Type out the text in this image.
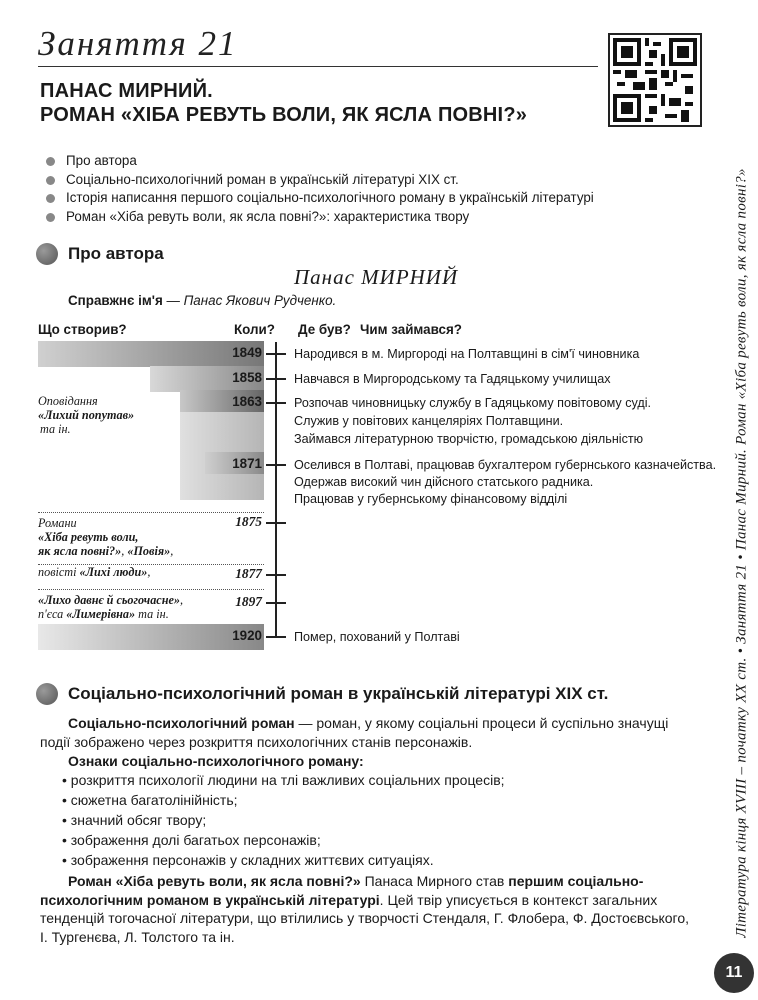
Заняття 21
ПАНАС МИРНИЙ.
РОМАН «ХІБА РЕВУТЬ ВОЛИ, ЯК ЯСЛА ПОВНІ?»
Про автора
Соціально-психологічний роман в українській літературі XIX ст.
Історія написання першого соціально-психологічного роману в українській літературі
Роман «Хіба ревуть воли, як ясла повні?»: характеристика твору
Про автора
Панас МИРНИЙ
Справжнє ім'я — Панас Якович Рудченко.
Що створив?	Коли? Де був? Чим займався?
1849
1858
1863
1871
1875
1877
1897
1920
Народився в м. Миргороді на Полтавщині в сім'ї чиновника
Навчався в Миргородському та Гадяцькому училищах
Розпочав чиновницьку службу в Гадяцькому повітовому суді.
Служив у повітових канцеляріях Полтавщини.
Займався літературною творчістю, громадською діяльністю
Оселився в Полтаві, працював бухгалтером губернського казначейства.
Одержав високий чин дійсного статського радника.
Працював у губернському фінансовому відділі
Помер, похований у Полтаві
Оповідання
«Лихий попутав»
та ін.
Романи
«Хіба ревуть воли,
як ясла повні?», «Повія»,
повісті «Лихі люди»,
«Лихо давнє й сьогочасне»,
п'єса «Лимерівна» та ін.
Соціально-психологічний роман в українській літературі XIX ст.
Соціально-психологічний роман — роман, у якому соціальні процеси й суспільно значущі події зображено через розкриття психологічних станів персонажів.
Ознаки соціально-психологічного роману:
• розкриття психології людини на тлі важливих соціальних процесів;
• сюжетна багатолінійність;
• значний обсяг твору;
• зображення долі багатьох персонажів;
• зображення персонажів у складних життєвих ситуаціях.
Роман «Хіба ревуть воли, як ясла повні?» Панаса Мирного став першим соціально-психологічним романом в українській літературі. Цей твір уписується в контекст загальних тенденцій тогочасної літератури, що втілились у творчості Стендаля, Г. Флобера, Ф. Достоєвського, І. Тургенєва, Л. Толстого та ін.	Література кінця XVIII – початку XX ст. • Заняття 21 • Панас Мирний. Роман «Хіба ревуть воли, як ясла повні?»
11
